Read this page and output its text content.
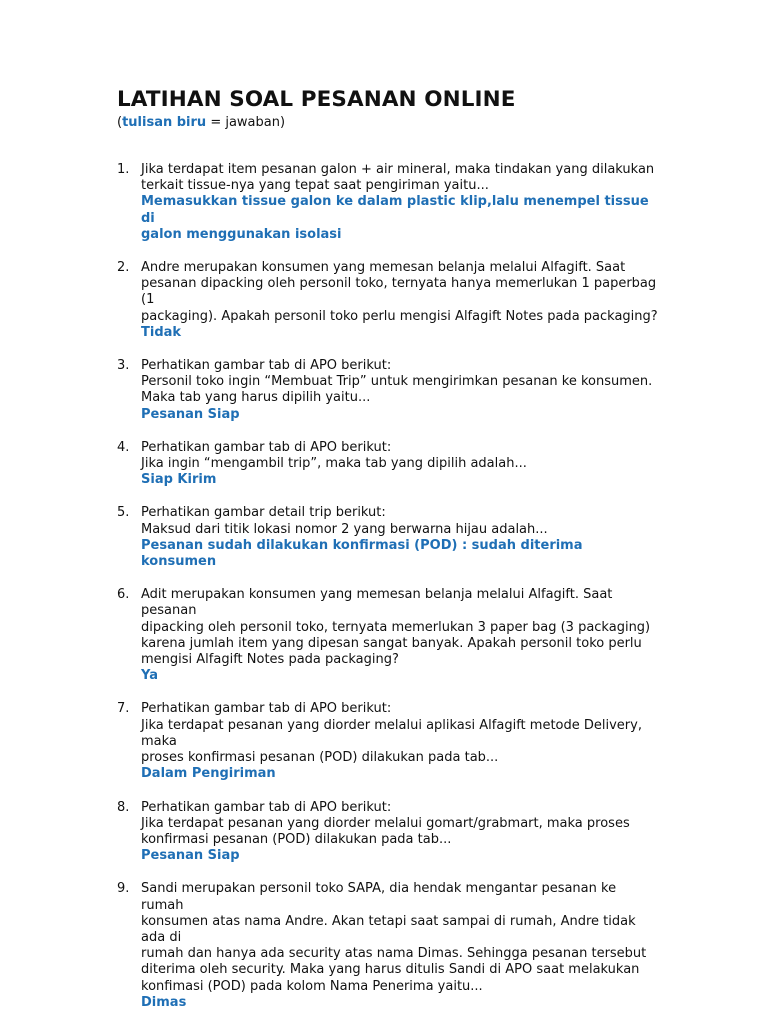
LATIHAN SOAL PESANAN ONLINE
(tulisan biru = jawaban)
1. Jika terdapat item pesanan galon + air mineral, maka tindakan yang dilakukan
terkait tissue-nya yang tepat saat pengiriman yaitu...
Memasukkan tissue galon ke dalam plastic klip,lalu menempel tissue di
galon menggunakan isolasi
2. Andre merupakan konsumen yang memesan belanja melalui Alfagift. Saat
pesanan dipacking oleh personil toko, ternyata hanya memerlukan 1 paperbag (1
packaging). Apakah personil toko perlu mengisi Alfagift Notes pada packaging?
Tidak
3. Perhatikan gambar tab di APO berikut:
Personil toko ingin “Membuat Trip” untuk mengirimkan pesanan ke konsumen.
Maka tab yang harus dipilih yaitu...
Pesanan Siap
4. Perhatikan gambar tab di APO berikut:
Jika ingin “mengambil trip”, maka tab yang dipilih adalah...
Siap Kirim
5. Perhatikan gambar detail trip berikut:
Maksud dari titik lokasi nomor 2 yang berwarna hijau adalah...
Pesanan sudah dilakukan konfirmasi (POD) : sudah diterima konsumen
6. Adit merupakan konsumen yang memesan belanja melalui Alfagift. Saat pesanan
dipacking oleh personil toko, ternyata memerlukan 3 paper bag (3 packaging)
karena jumlah item yang dipesan sangat banyak. Apakah personil toko perlu
mengisi Alfagift Notes pada packaging?
Ya
7. Perhatikan gambar tab di APO berikut:
Jika terdapat pesanan yang diorder melalui aplikasi Alfagift metode Delivery, maka
proses konfirmasi pesanan (POD) dilakukan pada tab...
Dalam Pengiriman
8. Perhatikan gambar tab di APO berikut:
Jika terdapat pesanan yang diorder melalui gomart/grabmart, maka proses
konfirmasi pesanan (POD) dilakukan pada tab...
Pesanan Siap
9. Sandi merupakan personil toko SAPA, dia hendak mengantar pesanan ke rumah
konsumen atas nama Andre. Akan tetapi saat sampai di rumah, Andre tidak ada di
rumah dan hanya ada security atas nama Dimas. Sehingga pesanan tersebut
diterima oleh security. Maka yang harus ditulis Sandi di APO saat melakukan
konfimasi (POD) pada kolom Nama Penerima yaitu...
Dimas
